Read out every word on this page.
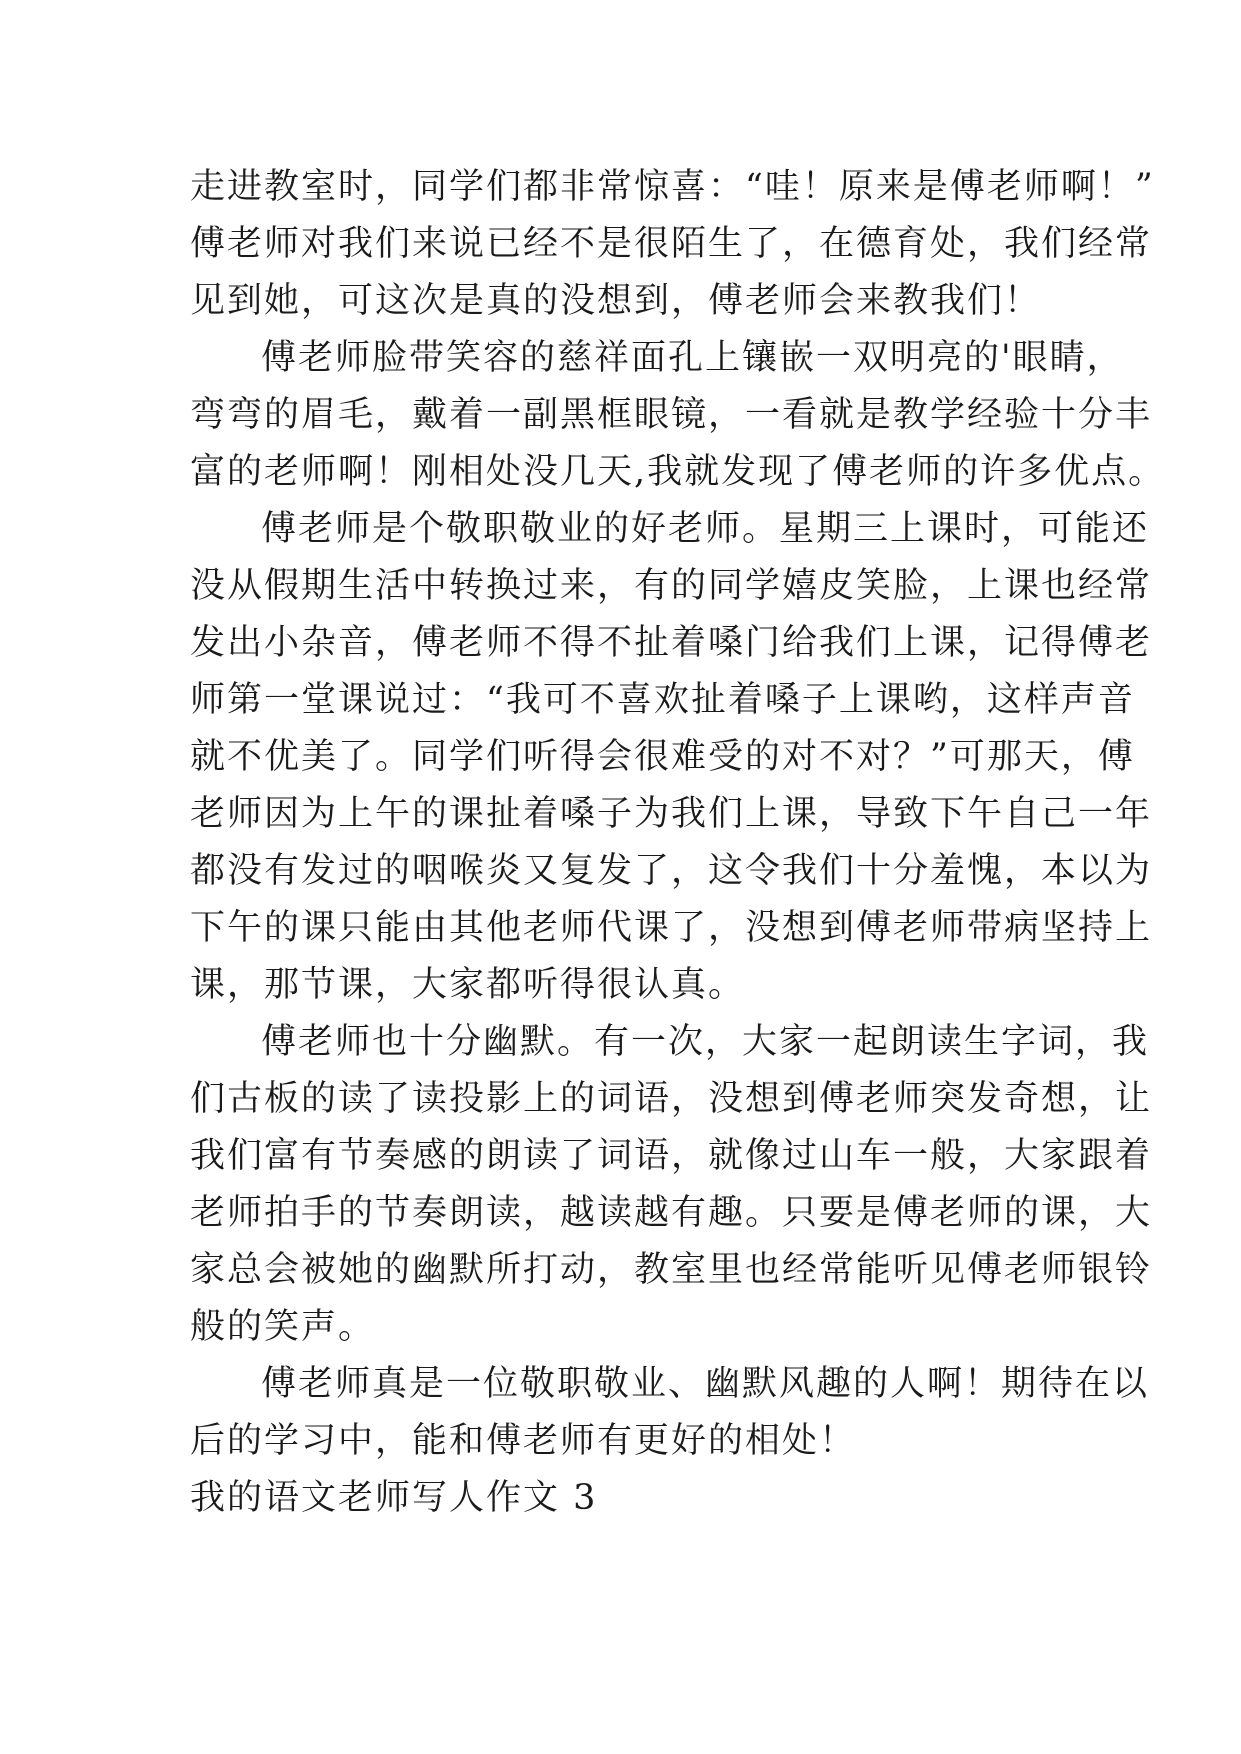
走进教室时，同学们都非常惊喜：“哇！原来是傅老师啊！”
傅老师对我们来说已经不是很陌生了，在德育处，我们经常
见到她，可这次是真的没想到，傅老师会来教我们！
傅老师脸带笑容的慈祥面孔上镶嵌一双明亮的'眼睛，
弯弯的眉毛，戴着一副黑框眼镜，一看就是教学经验十分丰
富的老师啊！刚相处没几天,我就发现了傅老师的许多优点。
傅老师是个敬职敬业的好老师。星期三上课时，可能还
没从假期生活中转换过来，有的同学嬉皮笑脸，上课也经常
发出小杂音，傅老师不得不扯着嗓门给我们上课，记得傅老
师第一堂课说过：“我可不喜欢扯着嗓子上课哟，这样声音
就不优美了。同学们听得会很难受的对不对？”可那天，傅
老师因为上午的课扯着嗓子为我们上课，导致下午自己一年
都没有发过的咽喉炎又复发了，这令我们十分羞愧，本以为
下午的课只能由其他老师代课了，没想到傅老师带病坚持上
课，那节课，大家都听得很认真。
傅老师也十分幽默。有一次，大家一起朗读生字词，我
们古板的读了读投影上的词语，没想到傅老师突发奇想，让
我们富有节奏感的朗读了词语，就像过山车一般，大家跟着
老师拍手的节奏朗读，越读越有趣。只要是傅老师的课，大
家总会被她的幽默所打动，教室里也经常能听见傅老师银铃
般的笑声。
傅老师真是一位敬职敬业、幽默风趣的人啊！期待在以
后的学习中，能和傅老师有更好的相处！
我的语文老师写人作文 3
